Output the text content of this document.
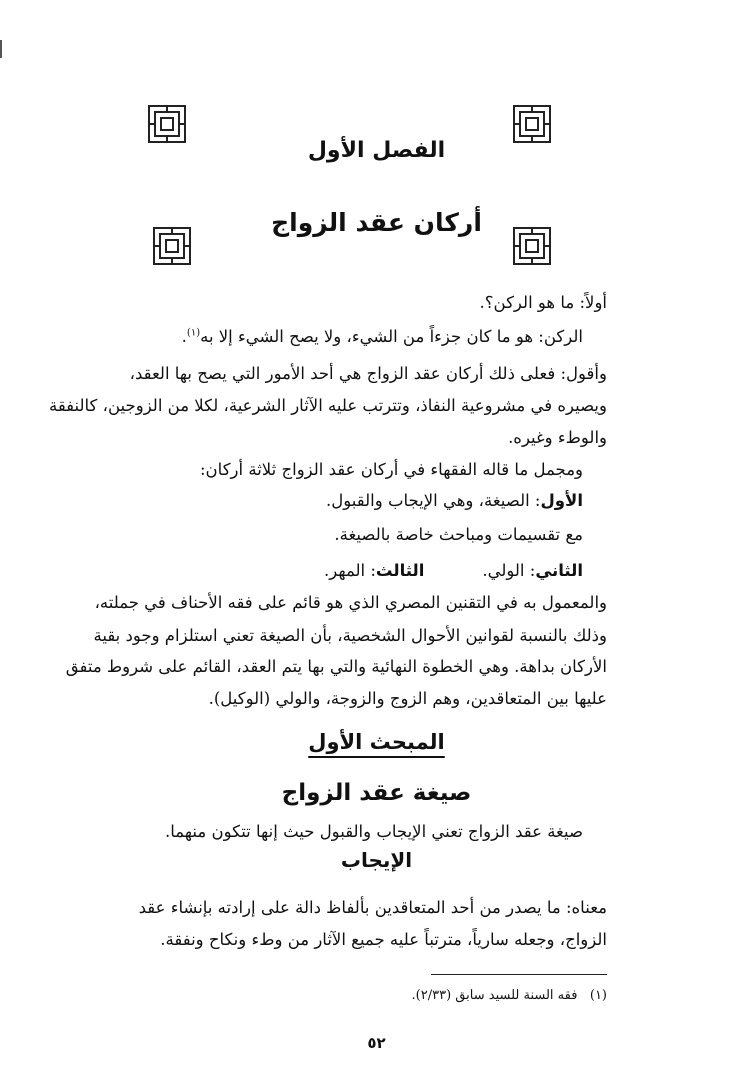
الفصل الأول
أركان عقد الزواج

أولاً: ما هو الركن؟.

الركن: هو ما كان جزءاً من الشيء، ولا يصح الشيء إلا به$^{(١)}$.

وأقول: فعلى ذلك أركان عقد الزواج هي أحد الأمور التي يصح بها العقد،

ويصيره في مشروعية النفاذ، وتترتب عليه الآثار الشرعية، لكلا من الزوجين، كالنفقة

والوطء وغيره.

ومجمل ما قاله الفقهاء في أركان عقد الزواج ثلاثة أركان:

الأول: الصيغة، وهي الإيجاب والقبول.

مع تقسيمات ومباحث خاصة بالصيغة.

الثاني: الولي.الثالث: المهر.

والمعمول به في التقنين المصري الذي هو قائم على فقه الأحناف في جملته،

وذلك بالنسبة لقوانين الأحوال الشخصية، بأن الصيغة تعني استلزام وجود بقية

الأركان بداهة. وهي الخطوة النهائية والتي بها يتم العقد، القائم على شروط متفق

عليها بين المتعاقدين، وهم الزوج والزوجة، والولي (الوكيل).

المبحث الأول
صيغة عقد الزواج

صيغة عقد الزواج تعني الإيجاب والقبول حيث إنها تتكون منهما.

الإيجاب

معناه: ما يصدر من أحد المتعاقدين بألفاظ دالة على إرادته بإنشاء عقد

الزواج، وجعله سارياً، مترتباً عليه جميع الآثار من وطء ونكاح ونفقة.

(١)   فقه السنة للسيد سابق (٢/٣٣).

٥٢
